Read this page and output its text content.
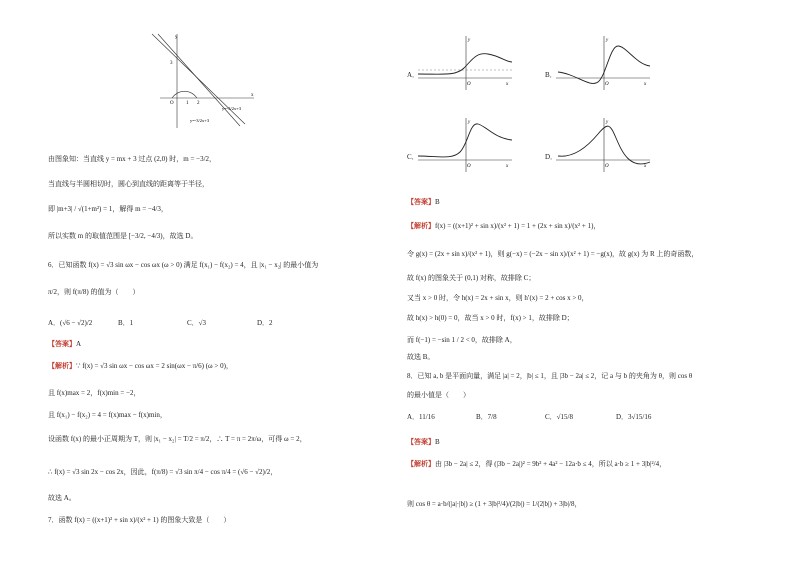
y
x
O 1 2
3
y=-3/2x+3
y=-3/2x+3
由图象知：当直线 y = mx + 3 过点 (2,0) 时，m = −3/2，
当直线与半圆相切时，圆心到直线的距离等于半径，
即 |m+3| / √(1+m²) = 1，解得 m = −4/3，
所以实数 m 的取值范围是 [−3/2, −4/3)，故选 D。
6．已知函数 f(x) = √3 sin ωx − cos ωx (ω > 0) 满足 f(x₁) − f(x₂) = 4，且 |x₁ − x₂| 的最小值为
π/2，则 f(π/8) 的值为（　　）
A．(√6 − √2)/2	B．1	C．√3	D．2
【答案】A
【解析】∵ f(x) = √3 sin ωx − cos ωx = 2 sin(ωx − π/6) (ω > 0)，
且 f(x)max = 2，f(x)min = −2，
且 f(x₁) − f(x₂) = 4 = f(x)max − f(x)min，
设函数 f(x) 的最小正周期为 T，则 |x₁ − x₂| = T/2 = π/2，∴ T = π = 2π/ω，可得 ω = 2，
∴ f(x) = √3 sin 2x − cos 2x，因此，f(π/8) = √3 sin π/4 − cos π/4 = (√6 − √2)/2，
故选 A。
7．函数 f(x) = ((x+1)² + sin x)/(x² + 1) 的图象大致是（　　）
A．
y
x
O
B．
y
x
O
C．
y
x
O
D．
y
x
O
【答案】B
【解析】f(x) = ((x+1)² + sin x)/(x² + 1) = 1 + (2x + sin x)/(x² + 1)，
令 g(x) = (2x + sin x)/(x² + 1)，则 g(−x) = (−2x − sin x)/(x² + 1) = −g(x)，故 g(x) 为 R 上的奇函数，
故 f(x) 的图象关于 (0,1) 对称，故排除 C；
又当 x > 0 时，令 h(x) = 2x + sin x，则 h′(x) = 2 + cos x > 0，
故 h(x) > h(0) = 0，故当 x > 0 时，f(x) > 1，故排除 D；
而 f(−1) = −sin 1 / 2 < 0，故排除 A，
故选 B。
8．已知 a, b 是平面向量，满足 |a| = 2，|b| ≤ 1，且 |3b − 2a| ≤ 2，记 a 与 b 的夹角为 θ，则 cos θ
的最小值是（　　）
A．11/16	B．7/8	C．√15/8	D．3√15/16
【答案】B
【解析】由 |3b − 2a| ≤ 2，得 (|3b − 2a|)² = 9b² + 4a² − 12a·b ≤ 4，所以 a·b ≥ 1 + 3|b|²/4，
则 cos θ = a·b/(|a|·|b|) ≥ (1 + 3|b|²/4)/(2|b|) = 1/(2|b|) + 3|b|/8，
